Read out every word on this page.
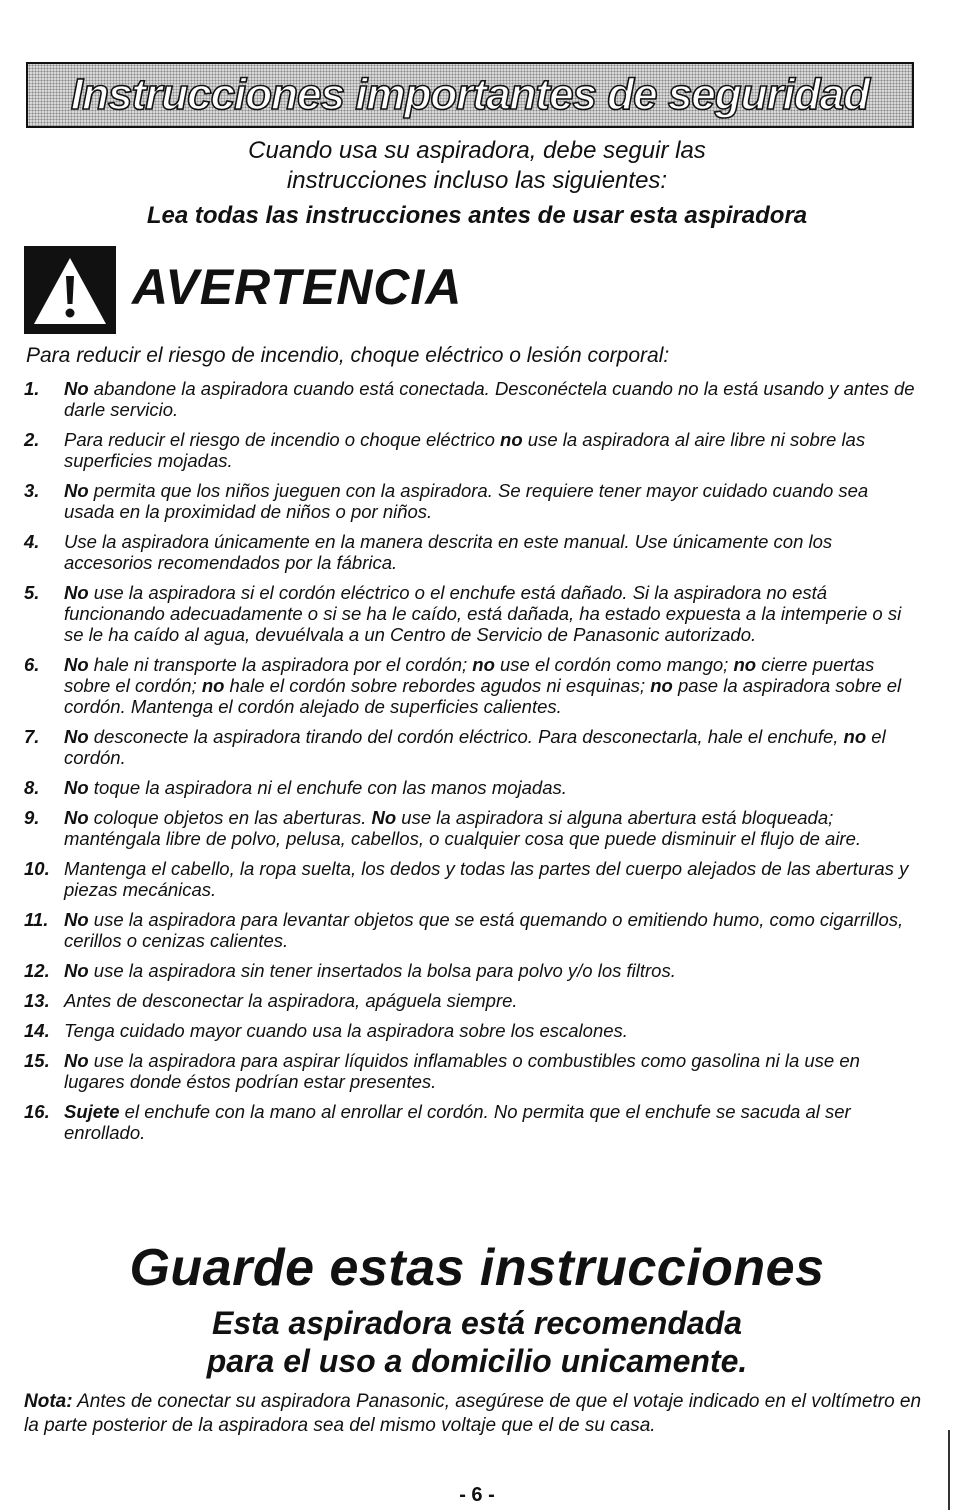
Instrucciones importantes de seguridad
Cuando usa su aspiradora, debe seguir las
instrucciones incluso las siguientes:
Lea todas las instrucciones antes de usar esta aspiradora
AVERTENCIA
Para reducir el riesgo de incendio, choque eléctrico o lesión corporal:
1.	No abandone la aspiradora cuando está conectada. Desconéctela cuando no la está usando y antes de darle servicio.
2.	Para reducir el riesgo de incendio o choque eléctrico no use la aspiradora al aire libre ni sobre las superficies mojadas.
3.	No permita que los niños jueguen con la aspiradora. Se requiere tener mayor cuidado cuando sea usada en la proximidad de niños o por niños.
4.	Use la aspiradora únicamente en la manera descrita en este manual. Use únicamente con los accesorios recomendados por la fábrica.
5.	No use la aspiradora si el cordón eléctrico o el enchufe está dañado. Si la aspiradora no está funcionando adecuadamente o si se ha le caído, está dañada, ha estado expuesta a la intemperie o si se le ha caído al agua, devuélvala a un Centro de Servicio de Panasonic autorizado.
6.	No hale ni transporte la aspiradora por el cordón; no use el cordón como mango; no cierre puertas sobre el cordón; no hale el cordón sobre rebordes agudos ni esquinas; no pase la aspiradora sobre el cordón. Mantenga el cordón alejado de superficies calientes.
7.	No desconecte la aspiradora tirando del cordón eléctrico. Para desconectarla, hale el enchufe, no el cordón.
8.	No toque la aspiradora ni el enchufe con las manos mojadas.
9.	No coloque objetos en las aberturas. No use la aspiradora si alguna abertura está bloqueada; manténgala libre de polvo, pelusa, cabellos, o cualquier cosa que puede disminuir el flujo de aire.
10. Mantenga el cabello, la ropa suelta, los dedos y todas las partes del cuerpo alejados de las aberturas y piezas mecánicas.
11. No use la aspiradora para levantar objetos que se está quemando o emitiendo humo, como cigarrillos, cerillos o cenizas calientes.
12. No use la aspiradora sin tener insertados la bolsa para polvo y/o los filtros.
13. Antes de desconectar la aspiradora, apáguela siempre.
14. Tenga cuidado mayor cuando usa la aspiradora sobre los escalones.
15. No use la aspiradora para aspirar líquidos inflamables o combustibles como gasolina ni la use en lugares donde éstos podrían estar presentes.
16. Sujete el enchufe con la mano al enrollar el cordón. No permita que el enchufe se sacuda al ser enrollado.
Guarde estas instrucciones
Esta aspiradora está recomendada
para el uso a domicilio unicamente.
Nota: Antes de conectar su aspiradora Panasonic, asegúrese de que el votaje indicado en el voltímetro en la parte posterior de la aspiradora sea del mismo voltaje que el de su casa.
- 6 -
